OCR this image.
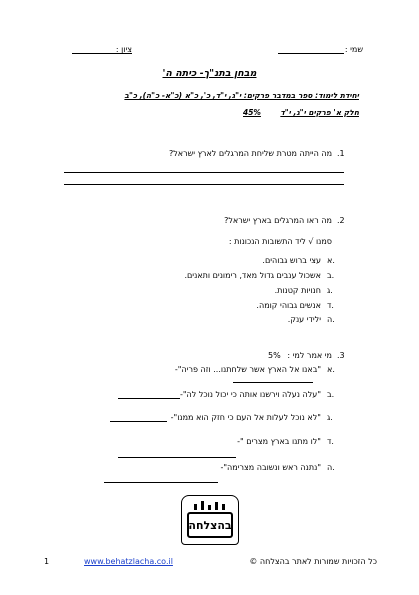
שמי :
ציון :
מבחן בתנ"ך- כיתה ה'
יחידת לימוד: ספר במדבר פרקים: י"ג, י"ד, כ', כ"א (כ"א- כ"ה), כ"ב
חלק א' פרקים י"ג, י"ד
45%
.1
מה הייתה מטרת שליחת המרגלים לארץ ישראל?
.2
מה ראו המרגלים בארץ ישראל?
סמנו √ ליד התשובות הנכונות :
א.
עצי ברוש גבוהים.
ב.
אשכול ענבים גדול מאד, רימונים ותאנים.
ג.
חנויות קטנות.
ד.
אנשים גבוהי קומה.
ה.
ילידי ענק.
.3
מי אמר למי :
5%
א.
"באנו אל הארץ אשר שלחתנו... וזה פריה"-
ב.
"עלה נעלה וירשנו אותה כי יכול נוכל לה"-
ג.
"לא נוכל לעלות אל העם כי חזק הוא ממנו"-
ד.
"לו מתנו בארץ מצרים "-
ה.
"נתנה ראש ונשובה מצרימה"-
בהצלחה
1	www.behatzlacha.co.il	כל הזכויות שמורות לאתר בהצלחה ©
